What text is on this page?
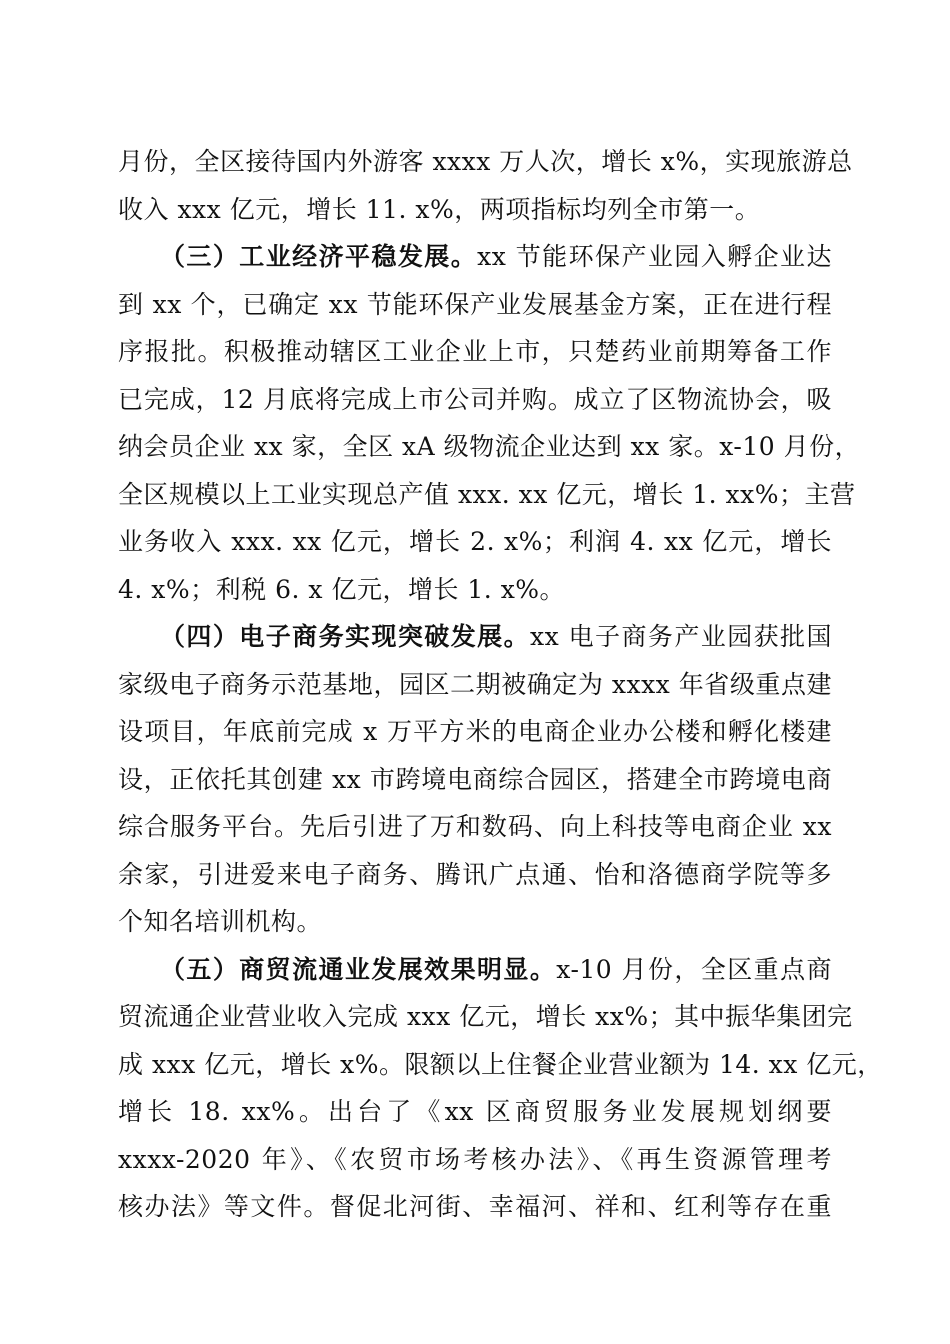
月份，全区接待国内外游客 xxxx 万人次，增长 x%，实现旅游总
收入 xxx 亿元，增长 11. x%，两项指标均列全市第一。
（三）工业经济平稳发展。xx 节能环保产业园入孵企业达
到 xx 个，已确定 xx 节能环保产业发展基金方案，正在进行程
序报批。积极推动辖区工业企业上市，只楚药业前期筹备工作
已完成，12 月底将完成上市公司并购。成立了区物流协会，吸
纳会员企业 xx 家，全区 xA 级物流企业达到 xx 家。x-10 月份，
全区规模以上工业实现总产值 xxx. xx 亿元，增长 1. xx%；主营
业务收入 xxx. xx 亿元，增长 2. x%；利润 4. xx 亿元，增长
4. x%；利税 6. x 亿元，增长 1. x%。
（四）电子商务实现突破发展。xx 电子商务产业园获批国
家级电子商务示范基地，园区二期被确定为 xxxx 年省级重点建
设项目，年底前完成 x 万平方米的电商企业办公楼和孵化楼建
设，正依托其创建 xx 市跨境电商综合园区，搭建全市跨境电商
综合服务平台。先后引进了万和数码、向上科技等电商企业 xx
余家，引进爱来电子商务、腾讯广点通、怡和洛德商学院等多
个知名培训机构。
（五）商贸流通业发展效果明显。x-10 月份，全区重点商
贸流通企业营业收入完成 xxx 亿元，增长 xx%；其中振华集团完
成 xxx 亿元，增长 x%。限额以上住餐企业营业额为 14. xx 亿元，
增长 18. xx%。出台了《xx 区商贸服务业发展规划纲要
xxxx-2020 年》、《农贸市场考核办法》、《再生资源管理考
核办法》等文件。督促北河街、幸福河、祥和、红利等存在重
